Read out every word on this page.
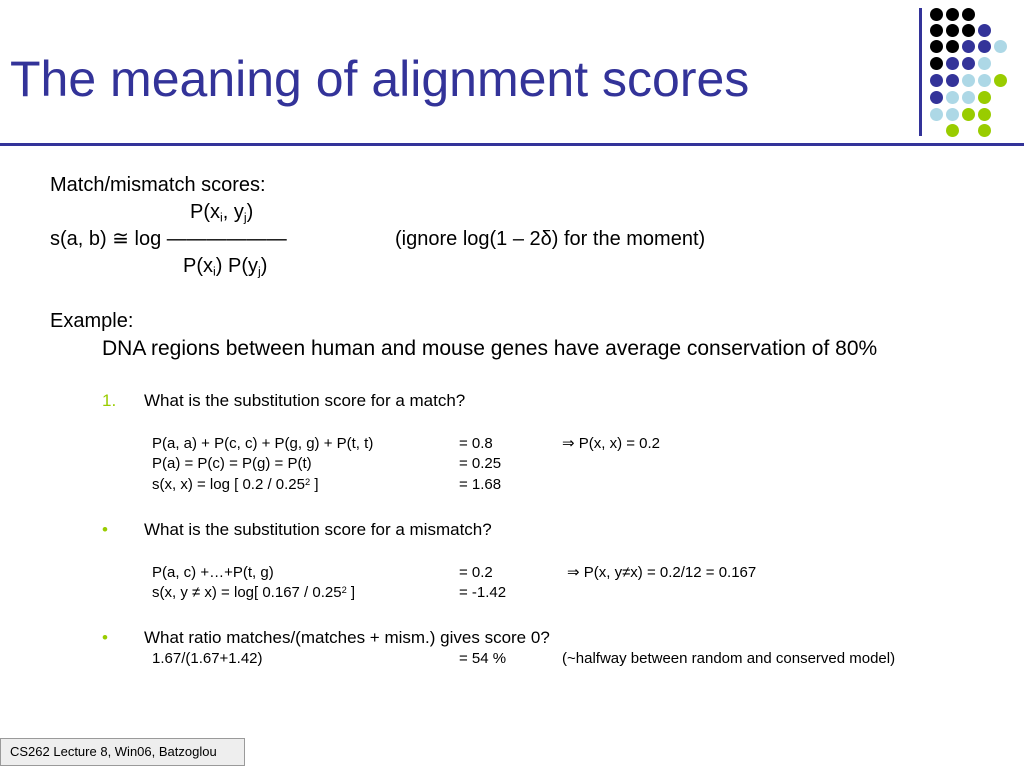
The meaning of alignment scores
Match/mismatch scores:
$P(x_i$, $y_j$)
s(a, b) ≅ log ——————	(ignore log(1 – 2δ) for the moment)
$P(x_i)$ $P(y_j)$
Example:
DNA regions between human and mouse genes have average conservation of 80%
1. What is the substitution score for a match?
P(a, a) + P(c, c) + P(g, g) + P(t, t)	= 0.8	⇒ P(x, x) = 0.2
P(a) = P(c) = P(g) = P(t)	= 0.25
s(x, x) = log [ 0.2 / 0.25$^2$ ]	= 1.68
• What is the substitution score for a mismatch?
P(a, c) +…+P(t, g)	= 0.2	⇒ P(x, y≠x) = 0.2/12 = 0.167
s(x, y ≠ x) = log[ 0.167 / 0.25$^2$ ]	= -1.42
• What ratio matches/(matches + mism.) gives score 0?
1.67/(1.67+1.42)	= 54 %	(~halfway between random and conserved model)
CS262 Lecture 8, Win06, Batzoglou
